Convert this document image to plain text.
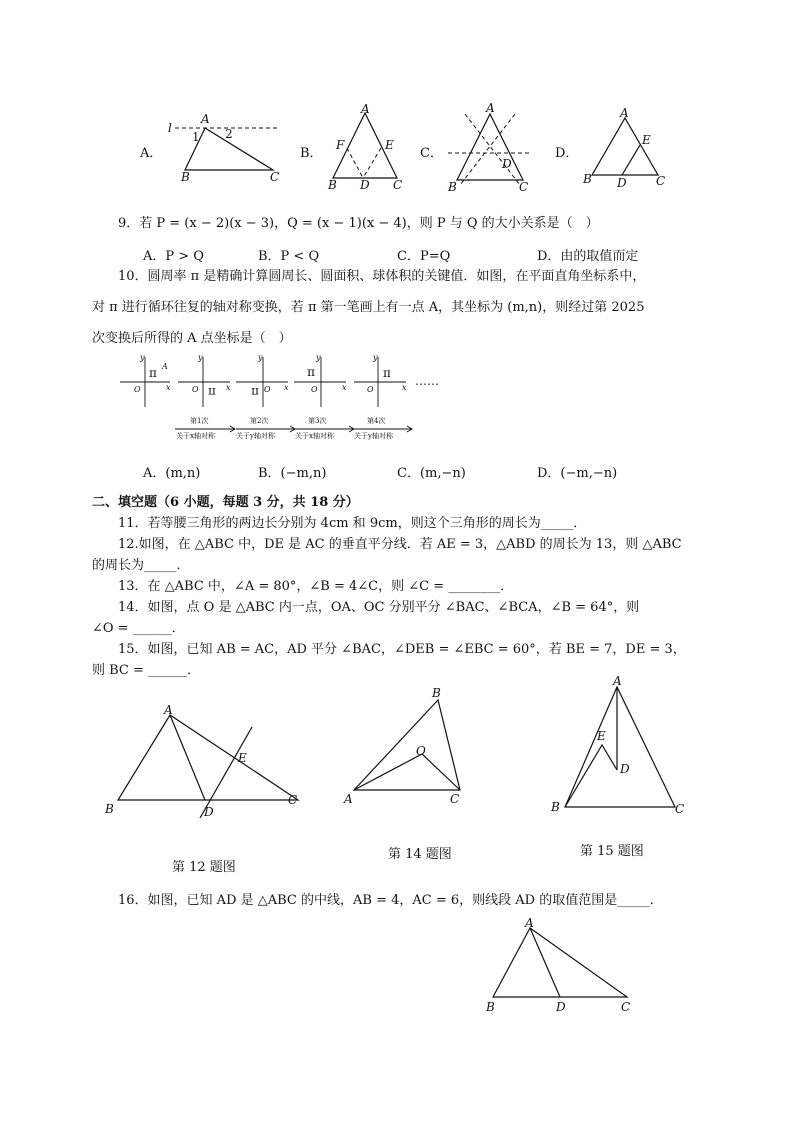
A．
A
l
1 2
B	C
B．
A
F	E
B D C
C．
A
D
B	C
D．
A
E
B D C
9．若 P = (x − 2)(x − 3)，Q = (x − 1)(x − 4)，则 P 与 Q 的大小关系是（　）
A．P > Q	B．P < Q	C．P=Q	D．由的取值而定
10．圆周率 π 是精确计算圆周长、圆面积、球体积的关键值．如图，在平面直角坐标系中，
对 π 进行循环往复的轴对称变换，若 π 第一笔画上有一点 A，其坐标为 (m,n)，则经过第 2025
次变换后所得的 A 点坐标是（　）
y
x
O
π A
y
x
O π
y
x
O
π
y
x
O
π
y
x
O
π
……
第1次
关于x轴对称
第2次
关于y轴对称
第3次
关于x轴对称
第4次
关于y轴对称
A．(m,n)	B．(−m,n)	C．(m,−n)	D．(−m,−n)
二、填空题（6 小题，每题 3 分，共 18 分）
11．若等腰三角形的两边长分别为 4cm 和 9cm，则这个三角形的周长为_____．
12.如图，在 △ABC 中，DE 是 AC 的垂直平分线．若 AE = 3，△ABD 的周长为 13，则 △ABC
的周长为_____．
13．在 △ABC 中，∠A = 80°，∠B = 4∠C，则 ∠C = ________．
14．如图，点 O 是 △ABC 内一点，OA、OC 分别平分 ∠BAC、∠BCA，∠B = 64°，则
∠O = ______．
15．如图，已知 AB = AC，AD 平分 ∠BAC，∠DEB = ∠EBC = 60°，若 BE = 7，DE = 3，
则 BC = ______．
A
E
B	D
C
第 12 题图
B
O
A	C
第 14 题图
A
E
D
B	C
第 15 题图
16．如图，已知 AD 是 △ABC 的中线，AB = 4，AC = 6，则线段 AD 的取值范围是_____．
A
B	D	C
